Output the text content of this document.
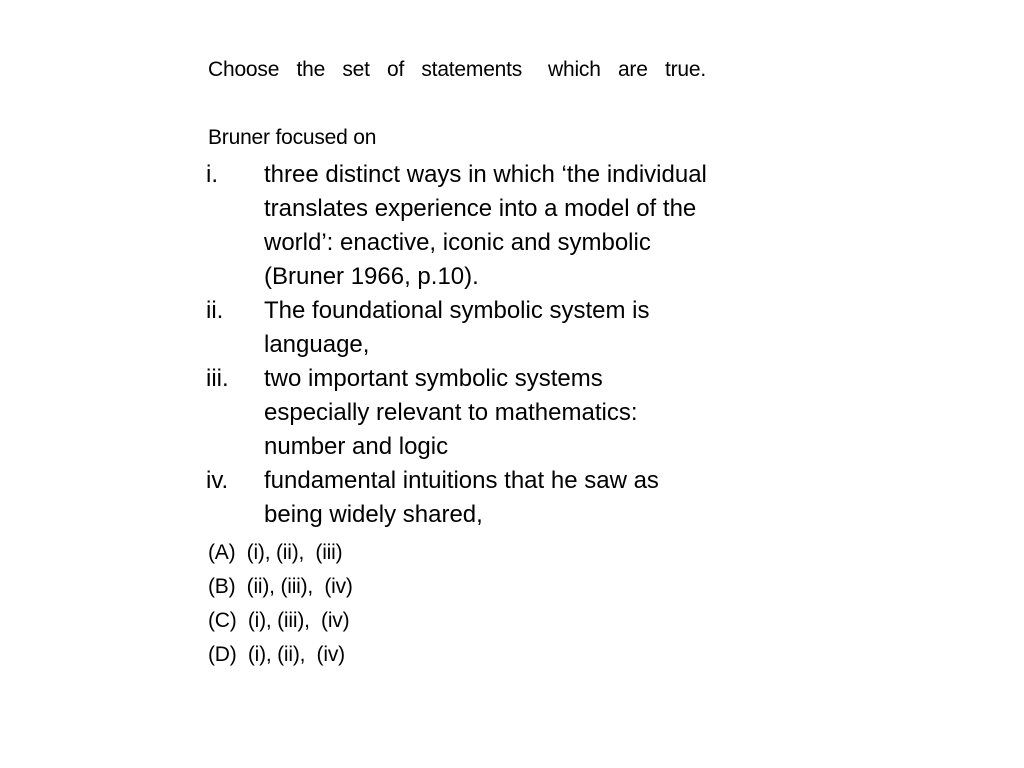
Choose  the  set  of  statements   which  are  true.
Bruner focused on
i. three distinct ways in which ‘the individual
translates experience into a model of the
world’: enactive, iconic and symbolic
(Bruner 1966, p.10).
ii. The foundational symbolic system is
language,
iii. two important symbolic systems
especially relevant to mathematics:
number and logic
iv. fundamental intuitions that he saw as
being widely shared,
(A)  (i), (ii),  (iii)
(B)  (ii), (iii),  (iv)
(C)  (i), (iii),  (iv)
(D)  (i), (ii),  (iv)
